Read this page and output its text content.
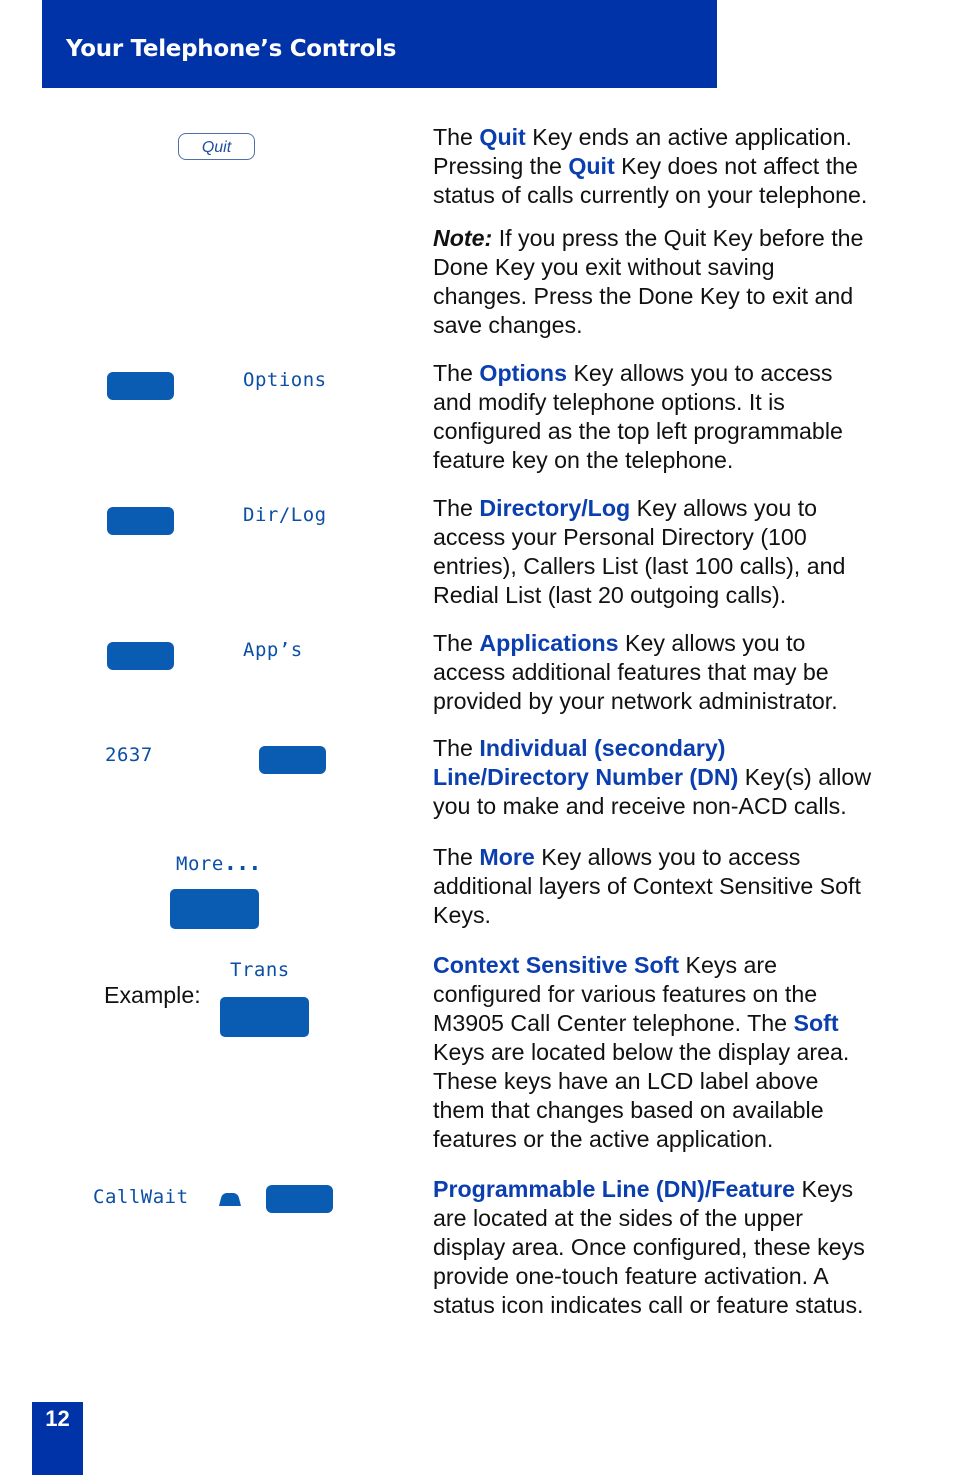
Your Telephone’s Controls
Quit
Options
Dir/Log
App’s
2637
More...
Trans
Example:
CallWait

The Quit Key ends an active application. Pressing the Quit Key does not affect the status of calls currently on your telephone.

Note: If you press the Quit Key before the Done Key you exit without saving changes. Press the Done Key to exit and save changes.

The Options Key allows you to access and modify telephone options. It is configured as the top left programmable feature key on the telephone.

The Directory/Log Key allows you to access your Personal Directory (100 entries), Callers List (last 100 calls), and Redial List (last 20 outgoing calls).

The Applications Key allows you to access additional features that may be provided by your network administrator.

The Individual (secondary) Line/Directory Number (DN) Key(s) allow you to make and receive non-ACD calls.

The More Key allows you to access additional layers of Context Sensitive Soft Keys.

Context Sensitive Soft Keys are configured for various features on the M3905 Call Center telephone. The Soft Keys are located below the display area. These keys have an LCD label above them that changes based on available features or the active application.

Programmable Line (DN)/Feature Keys are located at the sides of the upper display area. Once configured, these keys provide one-touch feature activation. A status icon indicates call or feature status.

12
